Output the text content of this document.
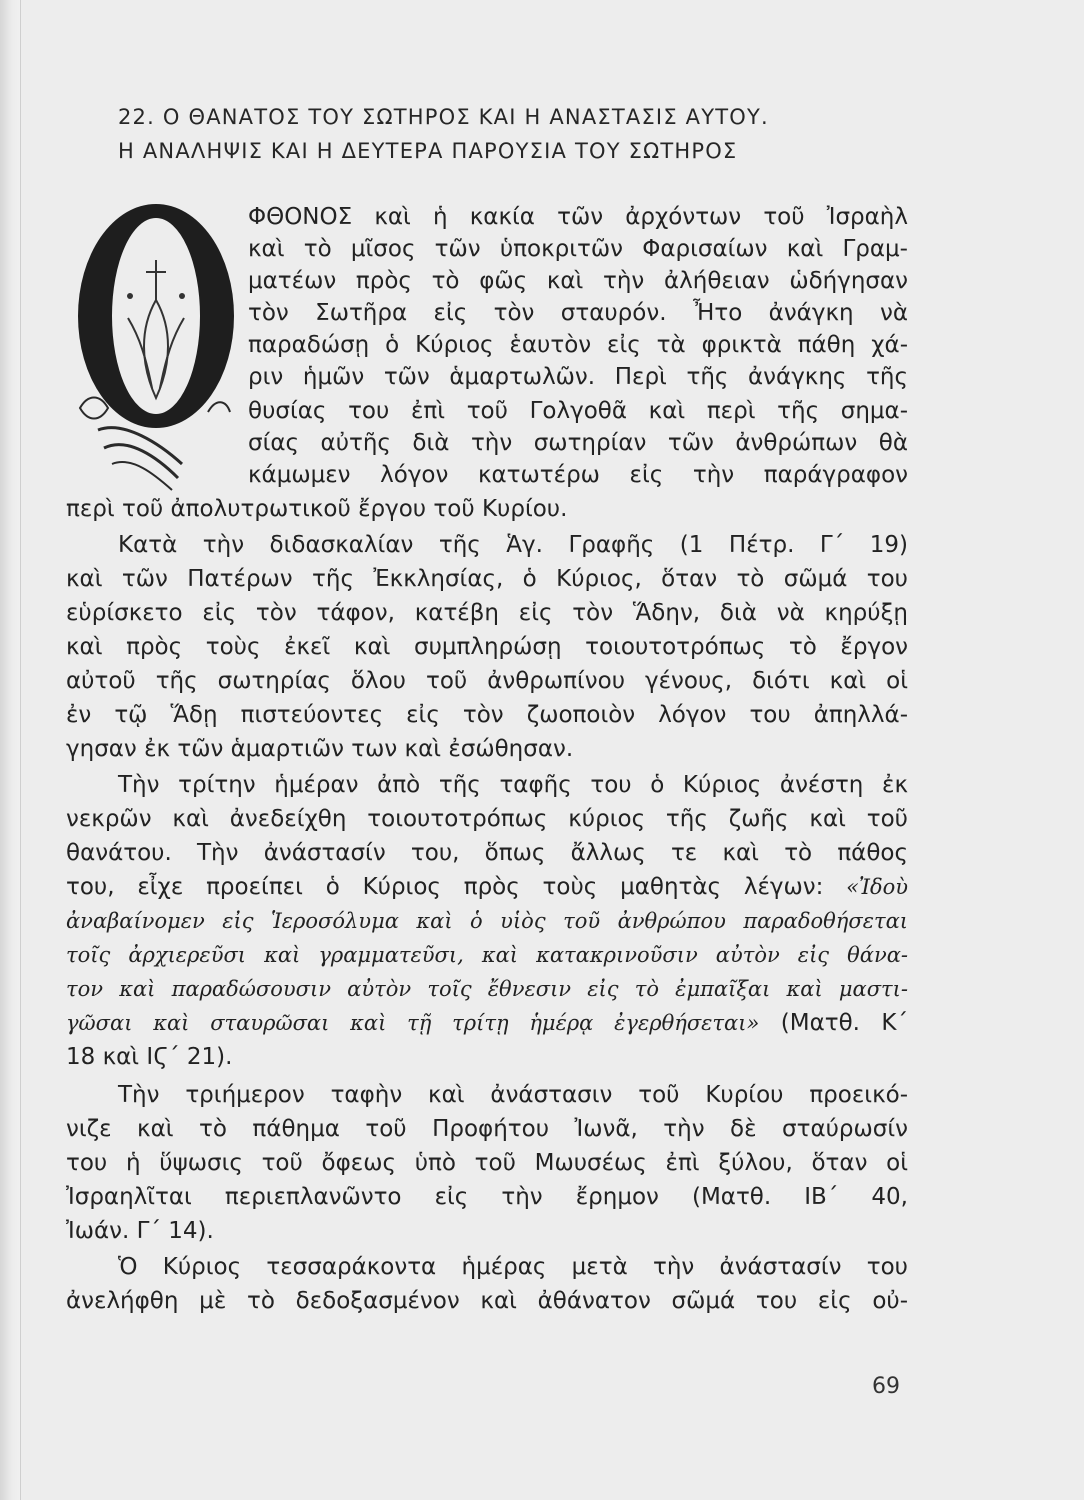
22. Ο ΘΑΝΑΤΟΣ ΤΟΥ ΣΩΤΗΡΟΣ ΚΑΙ Η ΑΝΑΣΤΑΣΙΣ ΑΥΤΟΥ.
Η ΑΝΑΛΗΨΙΣ ΚΑΙ Η ΔΕΥΤΕΡΑ ΠΑΡΟΥΣΙΑ ΤΟΥ ΣΩΤΗΡΟΣ
ΦΘΟΝΟΣ καὶ ἡ κακία τῶν ἀρχόντων τοῦ Ἰσραὴλ
καὶ τὸ μῖσος τῶν ὑποκριτῶν Φαρισαίων καὶ Γραμ-
ματέων πρὸς τὸ φῶς καὶ τὴν ἀλήθειαν ὡδήγησαν
τὸν Σωτῆρα εἰς τὸν σταυρόν. Ἦτο ἀνάγκη νὰ
παραδώσῃ ὁ Κύριος ἑαυτὸν εἰς τὰ φρικτὰ πάθη χά-
ριν ἡμῶν τῶν ἁμαρτωλῶν. Περὶ τῆς ἀνάγκης τῆς
θυσίας του ἐπὶ τοῦ Γολγοθᾶ καὶ περὶ τῆς σημα-
σίας αὐτῆς διὰ τὴν σωτηρίαν τῶν ἀνθρώπων θὰ
κάμωμεν λόγον κατωτέρω εἰς τὴν παράγραφον
περὶ τοῦ ἀπολυτρωτικοῦ ἔργου τοῦ Κυρίου.
Κατὰ τὴν διδασκαλίαν τῆς Ἁγ. Γραφῆς (1 Πέτρ. Γ΄ 19)
καὶ τῶν Πατέρων τῆς Ἐκκλησίας, ὁ Κύριος, ὅταν τὸ σῶμά του
εὑρίσκετο εἰς τὸν τάφον, κατέβη εἰς τὸν Ἅδην, διὰ νὰ κηρύξῃ
καὶ πρὸς τοὺς ἐκεῖ καὶ συμπληρώσῃ τοιουτοτρόπως τὸ ἔργον
αὐτοῦ τῆς σωτηρίας ὅλου τοῦ ἀνθρωπίνου γένους, διότι καὶ οἱ
ἐν τῷ Ἅδῃ πιστεύοντες εἰς τὸν ζωοποιὸν λόγον του ἀπηλλά-
γησαν ἐκ τῶν ἁμαρτιῶν των καὶ ἐσώθησαν.
Τὴν τρίτην ἡμέραν ἀπὸ τῆς ταφῆς του ὁ Κύριος ἀνέστη ἐκ
νεκρῶν καὶ ἀνεδείχθη τοιουτοτρόπως κύριος τῆς ζωῆς καὶ τοῦ
θανάτου. Τὴν ἀνάστασίν του, ὅπως ἄλλως τε καὶ τὸ πάθος
του, εἶχε προείπει ὁ Κύριος πρὸς τοὺς μαθητὰς λέγων: «Ἰδοὺ
ἀναβαίνομεν εἰς Ἱεροσόλυμα καὶ ὁ υἱὸς τοῦ ἀνθρώπου παραδοθήσεται
τοῖς ἀρχιερεῦσι καὶ γραμματεῦσι, καὶ κατακρινοῦσιν αὐτὸν εἰς θάνα-
τον καὶ παραδώσουσιν αὐτὸν τοῖς ἔθνεσιν εἰς τὸ ἐμπαῖξαι καὶ μαστι-
γῶσαι καὶ σταυρῶσαι καὶ τῇ τρίτῃ ἡμέρᾳ ἐγερθήσεται» (Ματθ. Κ΄
18 καὶ ΙϚ΄ 21).
Τὴν τριήμερον ταφὴν καὶ ἀνάστασιν τοῦ Κυρίου προεικό-
νιζε καὶ τὸ πάθημα τοῦ Προφήτου Ἰωνᾶ, τὴν δὲ σταύρωσίν
του ἡ ὕψωσις τοῦ ὄφεως ὑπὸ τοῦ Μωυσέως ἐπὶ ξύλου, ὅταν οἱ
Ἰσραηλῖται περιεπλανῶντο εἰς τὴν ἔρημον (Ματθ. ΙΒ΄ 40,
Ἰωάν. Γ΄ 14).
Ὁ Κύριος τεσσαράκοντα ἡμέρας μετὰ τὴν ἀνάστασίν του
ἀνελήφθη μὲ τὸ δεδοξασμένον καὶ ἀθάνατον σῶμά του εἰς οὐ-
69
